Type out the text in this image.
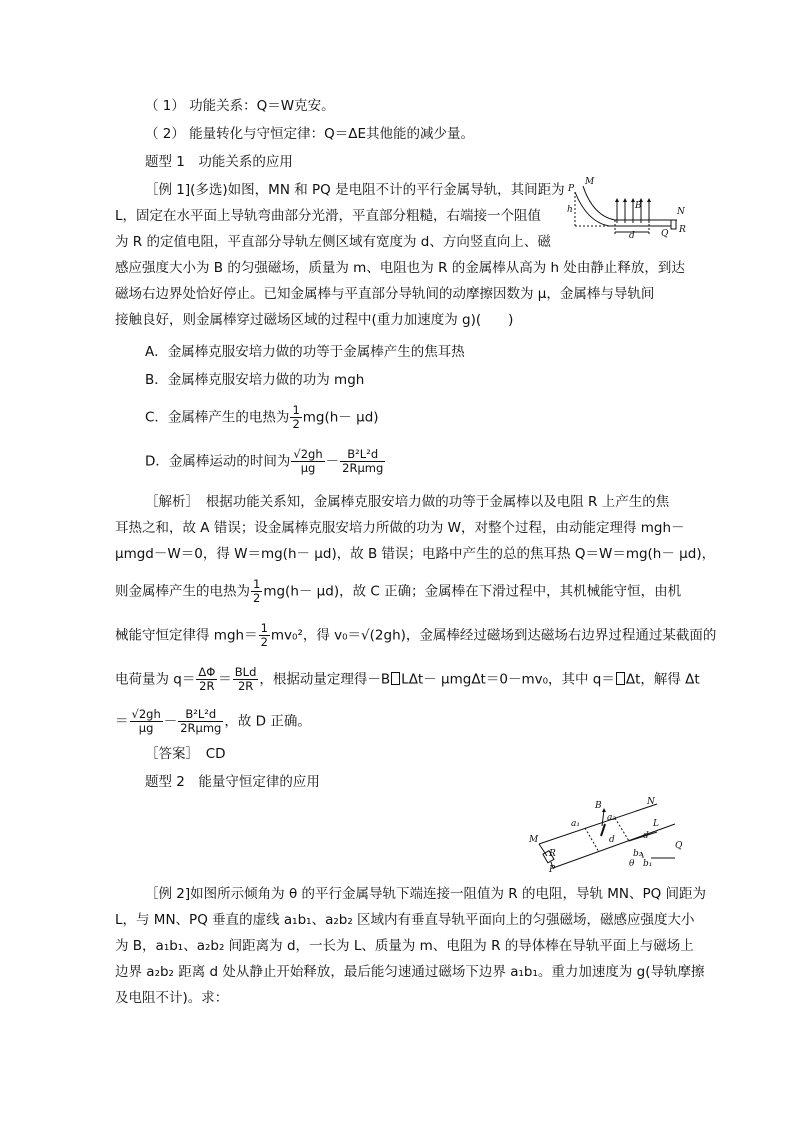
（ 1） 功能关系：Q＝W克安。
（ 2） 能量转化与守恒定律：Q＝ΔE其他能的减少量。
题型 1　功能关系的应用
［例 1](多选)如图，MN 和 PQ 是电阻不计的平行金属导轨，其间距为
L，固定在水平面上导轨弯曲部分光滑，平直部分粗糙，右端接一个阻值
为 R 的定值电阻，平直部分导轨左侧区域有宽度为 d、方向竖直向上、磁
感应强度大小为 B 的匀强磁场，质量为 m、电阻也为 R 的金属棒从高为 h 处由静止释放，到达
磁场右边界处恰好停止。已知金属棒与平直部分导轨间的动摩擦因数为 μ，金属棒与导轨间
接触良好，则金属棒穿过磁场区域的过程中(重力加速度为 g)(　　)
A．金属棒克服安培力做的功等于金属棒产生的焦耳热
B．金属棒克服安培力做的功为 mgh
C．金属棒产生的电热为 $\frac{1}{2} mg(h- \mu d)$
D．金属棒运动的时间为 $\frac{√2gh}{\mu g} - \frac{\text{B²L²d}}{\text{2Rμmg}}$
［解析］　根据功能关系知，金属棒克服安培力做的功等于金属棒以及电阻 R 上产生的焦
耳热之和，故 A 错误；设金属棒克服安培力所做的功为 W，对整个过程，由动能定理得 mgh－
μmgd－W＝0，得 W＝mg(h－ μd)，故 B 错误；电路中产生的总的焦耳热 Q＝W＝mg(h－ μd)，
则金属棒产生的电热为 $\frac{1}{2} mg(h- \mu d)$，故 C 正确；金属棒在下滑过程中，其机械能守恒，由机
械能守恒定律得 $mgh= \frac{1}{2} mv_0^2$，得 v₀＝√(2gh)，金属棒经过磁场到达磁场右边界过程通过某截面的
电荷量为 $q= \frac{\Delta\Phi}{2R} = \frac{\text{BLd}}{2R}$ ，根据动量定理得－B LΔt－ μmgΔt＝0－mv₀，其中 q＝ Δt，解得 Δt
＝ $\frac{√2gh}{\mu g} - \frac{\text{B²L²d}}{\text{2Rμmg}}$ ，故 D 正确。
［答案］　CD
题型 2　能量守恒定律的应用
［例 2]如图所示倾角为 θ 的平行金属导轨下端连接一阻值为 R 的电阻，导轨 MN、PQ 间距为
L，与 MN、PQ 垂直的虚线 a₁b₁、a₂b₂ 区域内有垂直导轨平面向上的匀强磁场，磁感应强度大小
为 B，a₁b₁、a₂b₂ 间距离为 d，一长为 L、质量为 m、电阻为 R 的导体棒在导轨平面上与磁场上
边界 a₂b₂ 距离 d 处从静止开始释放，最后能匀速通过磁场下边界 a₁b₁。重力加速度为 g(导轨摩擦
及电阻不计)。求：
P
M
h	B
N
d	Q R
B	N
a₂
a₁	L
M	d	d
R	b₂
Q
θ b₁
P
